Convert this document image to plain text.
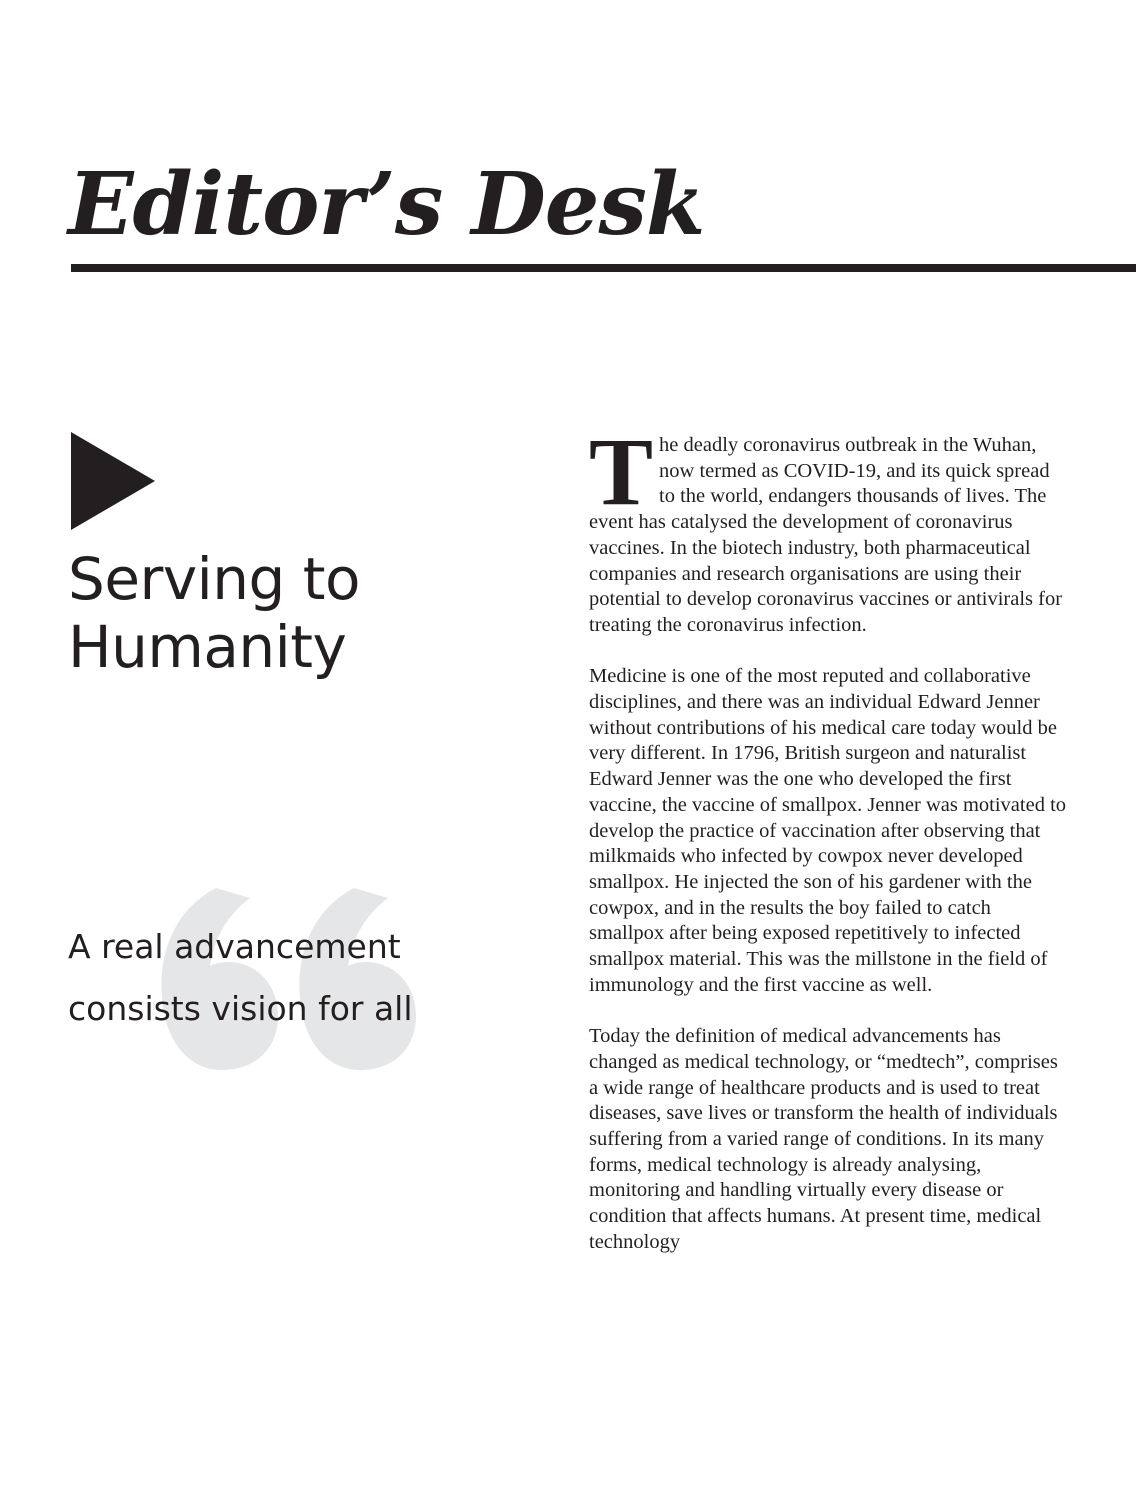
Editor’s Desk
Serving to
Humanity
A real advancement
consists vision for all

The deadly coronavirus outbreak in the Wuhan, now termed as COVID-19, and its quick spread to the world, endangers thousands of lives. The event has catalysed the development of coronavirus vaccines. In the biotech industry, both pharmaceutical companies and research organisations are using their potential to develop coronavirus vaccines or antivirals for treating the coronavirus infection.

Medicine is one of the most reputed and collaborative disciplines, and there was an individual Edward Jenner without contributions of his medical care today would be very different. In 1796, British surgeon and naturalist Edward Jenner was the one who developed the first vaccine, the vaccine of smallpox. Jenner was motivated to develop the practice of vaccination after observing that milkmaids who infected by cowpox never developed smallpox. He injected the son of his gardener with the cowpox, and in the results the boy failed to catch smallpox after being exposed repetitively to infected smallpox material. This was the millstone in the field of immunology and the first vaccine as well.

Today the definition of medical advancements has changed as medical technology, or “medtech”, comprises a wide range of healthcare products and is used to treat diseases, save lives or transform the health of individuals suffering from a varied range of conditions. In its many forms, medical technology is already analysing, monitoring and handling virtually every disease or condition that affects humans. At present time, medical technology
